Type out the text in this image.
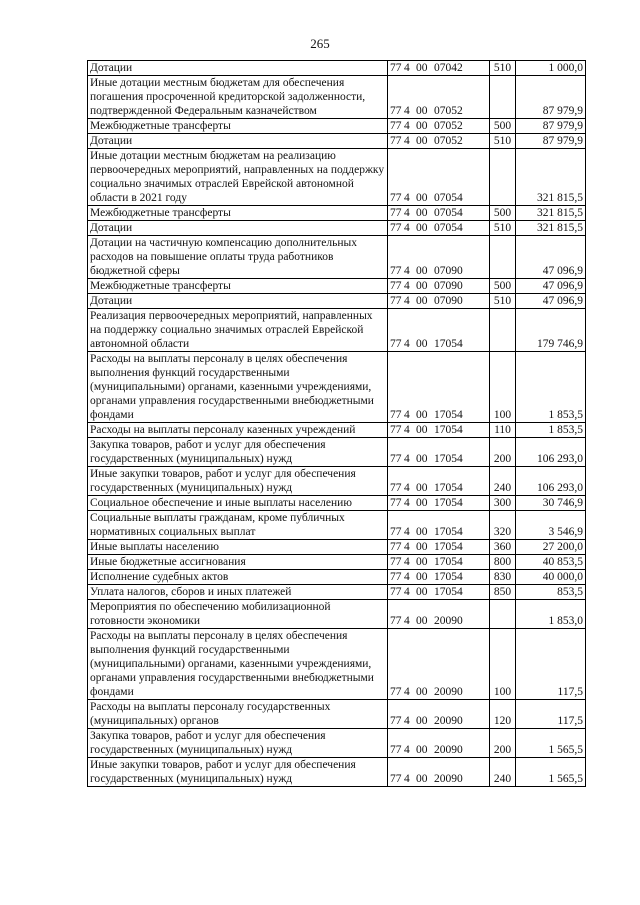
265
Дотации	77 4 00 07042	510	1 000,0
Иные дотации местным бюджетам для обеспечения погашения просроченной кредиторской задолженности, подтвержденной Федеральным казначейством	77 4 00 07052		87 979,9
Межбюджетные трансферты	77 4 00 07052	500	87 979,9
Дотации	77 4 00 07052	510	87 979,9
Иные дотации местным бюджетам на реализацию первоочередных мероприятий, направленных на поддержку социально значимых отраслей Еврейской автономной области в 2021 году	77 4 00 07054		321 815,5
Межбюджетные трансферты	77 4 00 07054	500	321 815,5
Дотации	77 4 00 07054	510	321 815,5
Дотации на частичную компенсацию дополнительных расходов на повышение оплаты труда работников бюджетной сферы	77 4 00 07090		47 096,9
Межбюджетные трансферты	77 4 00 07090	500	47 096,9
Дотации	77 4 00 07090	510	47 096,9
Реализация первоочередных мероприятий, направленных на поддержку социально значимых отраслей Еврейской автономной области	77 4 00 17054		179 746,9
Расходы на выплаты персоналу в целях обеспечения выполнения функций государственными (муниципальными) органами, казенными учреждениями, органами управления государственными внебюджетными фондами	77 4 00 17054	100	1 853,5
Расходы на выплаты персоналу казенных учреждений	77 4 00 17054	110	1 853,5
Закупка товаров, работ и услуг для обеспечения государственных (муниципальных) нужд	77 4 00 17054	200	106 293,0
Иные закупки товаров, работ и услуг для обеспечения государственных (муниципальных) нужд	77 4 00 17054	240	106 293,0
Социальное обеспечение и иные выплаты населению	77 4 00 17054	300	30 746,9
Социальные выплаты гражданам, кроме публичных нормативных социальных выплат	77 4 00 17054	320	3 546,9
Иные выплаты населению	77 4 00 17054	360	27 200,0
Иные бюджетные ассигнования	77 4 00 17054	800	40 853,5
Исполнение судебных актов	77 4 00 17054	830	40 000,0
Уплата налогов, сборов и иных платежей	77 4 00 17054	850	853,5
Мероприятия по обеспечению мобилизационной готовности экономики	77 4 00 20090		1 853,0
Расходы на выплаты персоналу в целях обеспечения выполнения функций государственными (муниципальными) органами, казенными учреждениями, органами управления государственными внебюджетными фондами	77 4 00 20090	100	117,5
Расходы на выплаты персоналу государственных (муниципальных) органов	77 4 00 20090	120	117,5
Закупка товаров, работ и услуг для обеспечения государственных (муниципальных) нужд	77 4 00 20090	200	1 565,5
Иные закупки товаров, работ и услуг для обеспечения государственных (муниципальных) нужд	77 4 00 20090	240	1 565,5
